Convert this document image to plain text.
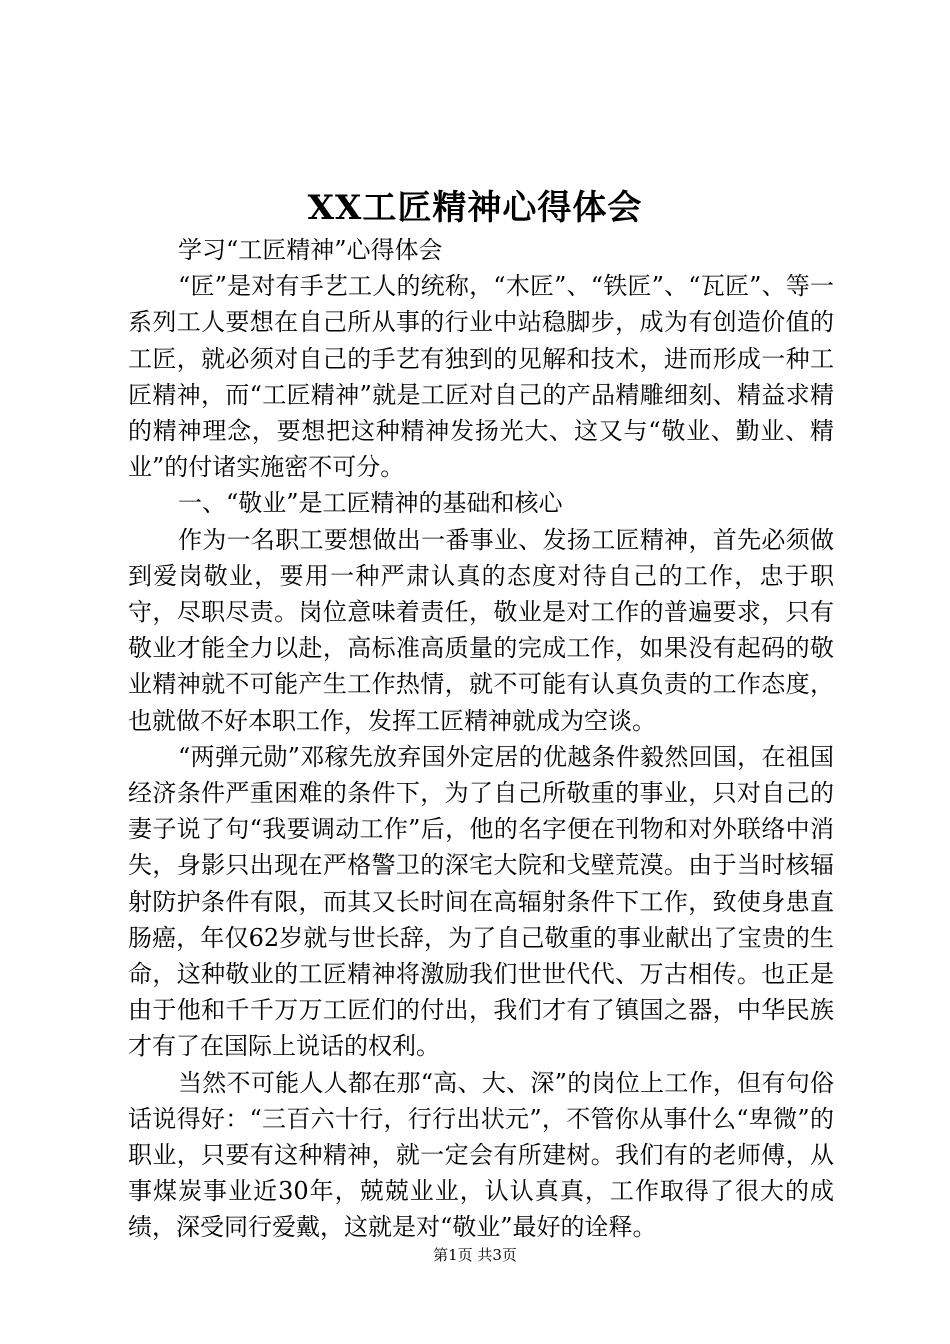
XX工匠精神心得体会

学习“工匠精神”心得体会

“匠”是对有手艺工人的统称，“木匠”、“铁匠”、“瓦匠”、等一系列工人要想在自己所从事的行业中站稳脚步，成为有创造价值的工匠，就必须对自己的手艺有独到的见解和技术，进而形成一种工匠精神，而“工匠精神”就是工匠对自己的产品精雕细刻、精益求精的精神理念，要想把这种精神发扬光大、这又与“敬业、勤业、精业”的付诸实施密不可分。

一、“敬业”是工匠精神的基础和核心

作为一名职工要想做出一番事业、发扬工匠精神，首先必须做到爱岗敬业，要用一种严肃认真的态度对待自己的工作，忠于职守，尽职尽责。岗位意味着责任，敬业是对工作的普遍要求，只有敬业才能全力以赴，高标准高质量的完成工作，如果没有起码的敬业精神就不可能产生工作热情，就不可能有认真负责的工作态度，也就做不好本职工作，发挥工匠精神就成为空谈。

“两弹元勋”邓稼先放弃国外定居的优越条件毅然回国，在祖国经济条件严重困难的条件下，为了自己所敬重的事业，只对自己的妻子说了句“我要调动工作”后，他的名字便在刊物和对外联络中消失，身影只出现在严格警卫的深宅大院和戈壁荒漠。由于当时核辐射防护条件有限，而其又长时间在高辐射条件下工作，致使身患直肠癌，年仅62岁就与世长辞，为了自己敬重的事业献出了宝贵的生命，这种敬业的工匠精神将激励我们世世代代、万古相传。也正是由于他和千千万万工匠们的付出，我们才有了镇国之器，中华民族才有了在国际上说话的权利。

当然不可能人人都在那“高、大、深”的岗位上工作，但有句俗话说得好：“三百六十行，行行出状元”，不管你从事什么“卑微”的职业，只要有这种精神，就一定会有所建树。我们有的老师傅，从事煤炭事业近30年，兢兢业业，认认真真，工作取得了很大的成绩，深受同行爱戴，这就是对“敬业”最好的诠释。

第1页 共3页
